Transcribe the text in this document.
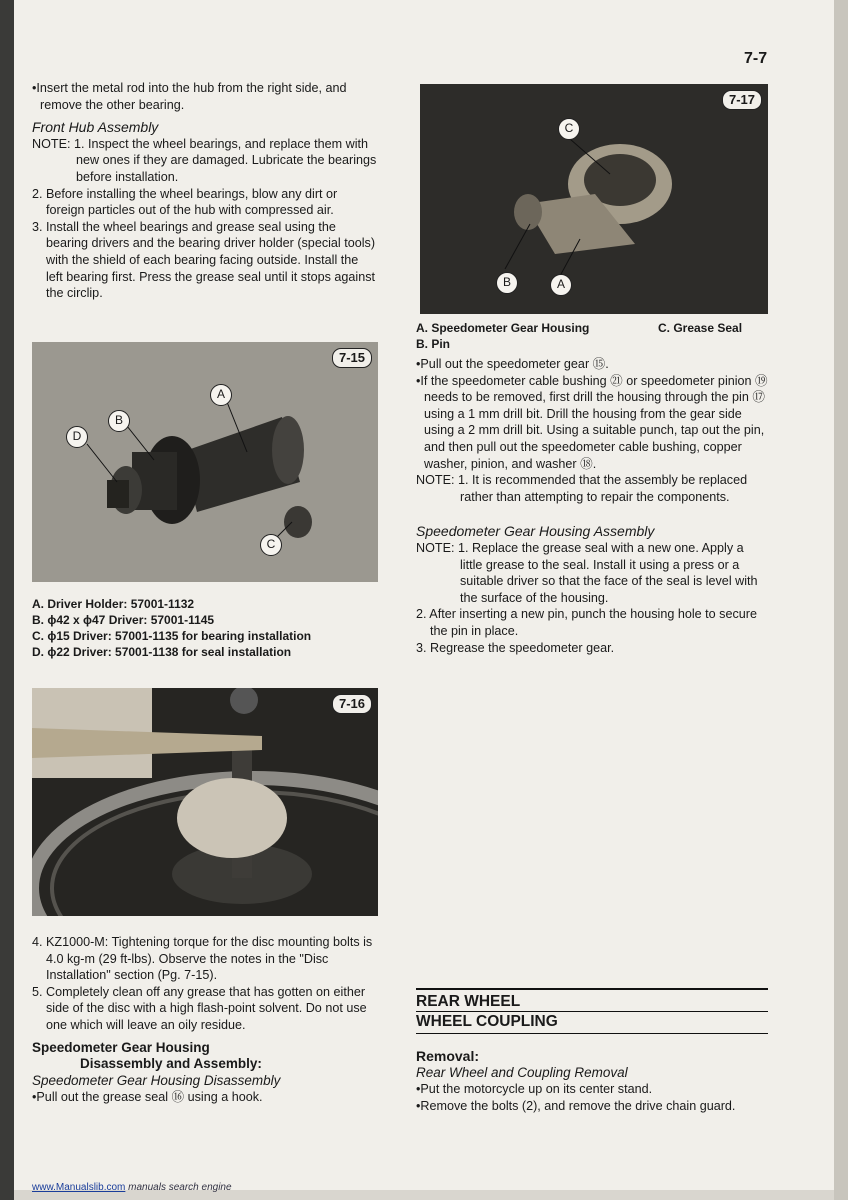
7-7

•Insert the metal rod into the hub from the right side, and remove the other bearing.

Front Hub Assembly

NOTE: 1. Inspect the wheel bearings, and replace them with new ones if they are damaged. Lubricate the bearings before installation.

2. Before installing the wheel bearings, blow any dirt or foreign particles out of the hub with compressed air.

3. Install the wheel bearings and grease seal using the bearing drivers and the bearing driver holder (special tools) with the shield of each bearing facing outside. Install the left bearing first. Press the grease seal until it stops against the circlip.

7-15
A
B
C
D

A. Driver Holder: 57001-1132

B. ϕ42 x ϕ47 Driver: 57001-1145

C. ϕ15 Driver: 57001-1135 for bearing installation

D. ϕ22 Driver: 57001-1138 for seal installation

7-16

4. KZ1000-M: Tightening torque for the disc mounting bolts is 4.0 kg-m (29 ft-lbs). Observe the notes in the "Disc Installation" section (Pg. 7-15).

5. Completely clean off any grease that has gotten on either side of the disc with a high flash-point solvent. Do not use one which will leave an oily residue.

Speedometer Gear Housing

Disassembly and Assembly:

Speedometer Gear Housing Disassembly

•Pull out the grease seal ⑯ using a hook.

7-17
C
B	A
A. Speedometer Gear Housing	C. Grease Seal

B. Pin

•Pull out the speedometer gear ⑮.

•If the speedometer cable bushing ㉑ or speedometer pinion ⑲ needs to be removed, first drill the housing through the pin ⑰ using a 1 mm drill bit. Drill the housing from the gear side using a 2 mm drill bit. Using a suitable punch, tap out the pin, and then pull out the speedometer cable bushing, copper washer, pinion, and washer ⑱.

NOTE: 1. It is recommended that the assembly be replaced rather than attempting to repair the components.

Speedometer Gear Housing Assembly

NOTE: 1. Replace the grease seal with a new one. Apply a little grease to the seal. Install it using a press or a suitable driver so that the face of the seal is level with the surface of the housing.

2. After inserting a new pin, punch the housing hole to secure the pin in place.

3. Regrease the speedometer gear.

REAR WHEEL
WHEEL COUPLING

Removal:

Rear Wheel and Coupling Removal

•Put the motorcycle up on its center stand.

•Remove the bolts (2), and remove the drive chain guard.

www.Manualslib.com manuals search engine
